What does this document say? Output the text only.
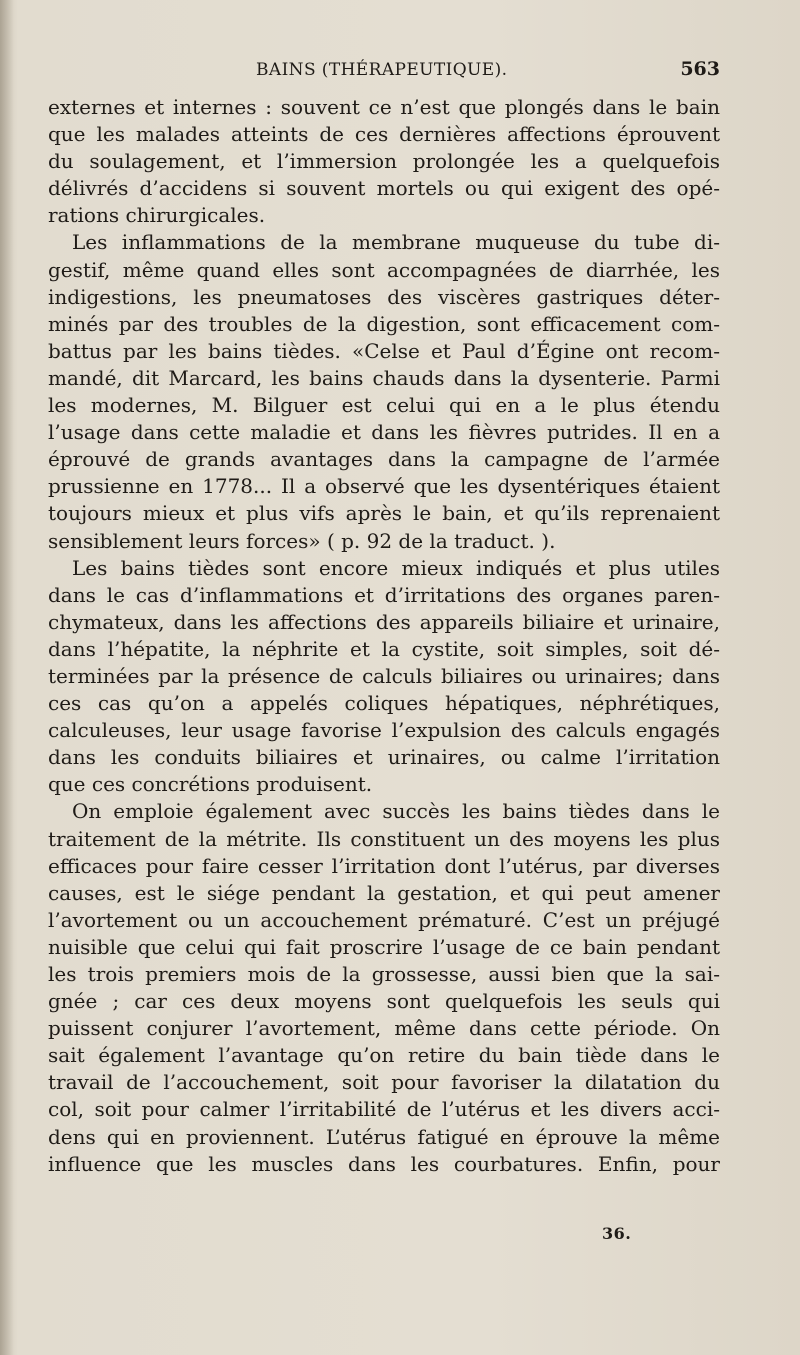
BAINS (THÉRAPEUTIQUE).	563
externes et internes : souvent ce n’est que plongés dans le bain
que les malades atteints de ces dernières affections éprouvent
du soulagement, et l’immersion prolongée les a quelquefois
délivrés d’accidens si souvent mortels ou qui exigent des opé-
rations chirurgicales.
Les inflammations de la membrane muqueuse du tube di-
gestif, même quand elles sont accompagnées de diarrhée, les
indigestions, les pneumatoses des viscères gastriques déter-
minés par des troubles de la digestion, sont efficacement com-
battus par les bains tièdes. «Celse et Paul d’Égine ont recom-
mandé, dit Marcard, les bains chauds dans la dysenterie. Parmi
les modernes, M. Bilguer est celui qui en a le plus étendu
l’usage dans cette maladie et dans les fièvres putrides. Il en a
éprouvé de grands avantages dans la campagne de l’armée
prussienne en 1778... Il a observé que les dysentériques étaient
toujours mieux et plus vifs après le bain, et qu’ils reprenaient
sensiblement leurs forces» ( p. 92 de la traduct. ).
Les bains tièdes sont encore mieux indiqués et plus utiles
dans le cas d’inflammations et d’irritations des organes paren-
chymateux, dans les affections des appareils biliaire et urinaire,
dans l’hépatite, la néphrite et la cystite, soit simples, soit dé-
terminées par la présence de calculs biliaires ou urinaires; dans
ces cas qu’on a appelés coliques hépatiques, néphrétiques,
calculeuses, leur usage favorise l’expulsion des calculs engagés
dans les conduits biliaires et urinaires, ou calme l’irritation
que ces concrétions produisent.
On emploie également avec succès les bains tièdes dans le
traitement de la métrite. Ils constituent un des moyens les plus
efficaces pour faire cesser l’irritation dont l’utérus, par diverses
causes, est le siége pendant la gestation, et qui peut amener
l’avortement ou un accouchement prématuré. C’est un préjugé
nuisible que celui qui fait proscrire l’usage de ce bain pendant
les trois premiers mois de la grossesse, aussi bien que la sai-
gnée ; car ces deux moyens sont quelquefois les seuls qui
puissent conjurer l’avortement, même dans cette période. On
sait également l’avantage qu’on retire du bain tiède dans le
travail de l’accouchement, soit pour favoriser la dilatation du
col, soit pour calmer l’irritabilité de l’utérus et les divers acci-
dens qui en proviennent. L’utérus fatigué en éprouve la même
influence que les muscles dans les courbatures. Enfin, pour
36.
